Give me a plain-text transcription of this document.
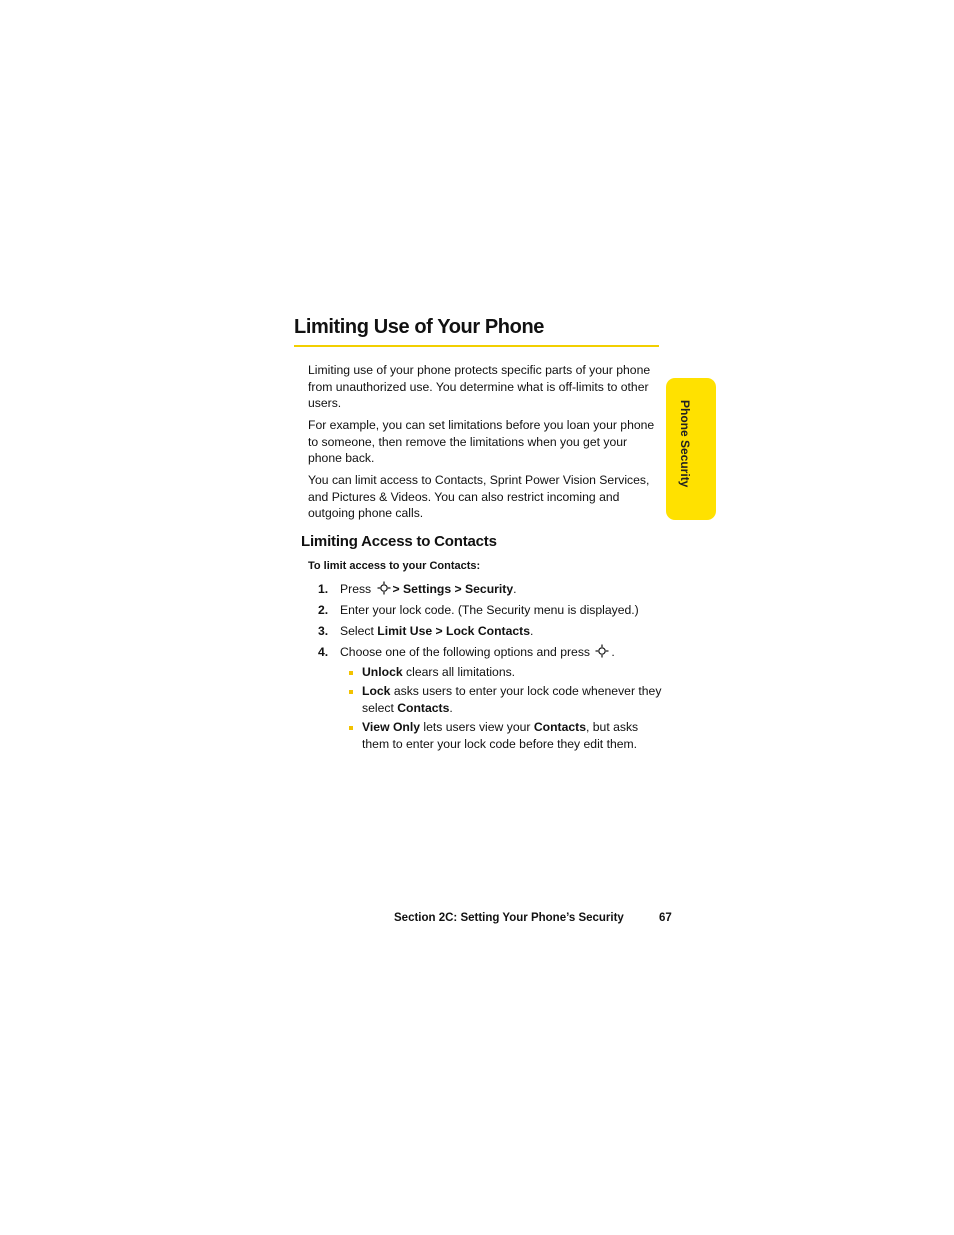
Limiting Use of Your Phone
Phone Security

Limiting use of your phone protects specific parts of your phone from unauthorized use. You determine what is off-limits to other users.

For example, you can set limitations before you loan your phone to someone, then remove the limitations when you get your phone back.

You can limit access to Contacts, Sprint Power Vision Services, and Pictures & Videos. You can also restrict incoming and outgoing phone calls.

Limiting Access to Contacts

To limit access to your Contacts:

1. Press > Settings > Security.
2. Enter your lock code. (The Security menu is displayed.)
3. Select Limit Use > Lock Contacts.
4. Choose one of the following options and press .
Unlock clears all limitations.
Lock asks users to enter your lock code whenever they select Contacts.
View Only lets users view your Contacts, but asks them to enter your lock code before they edit them.
Section 2C: Setting Your Phone’s Security	67
